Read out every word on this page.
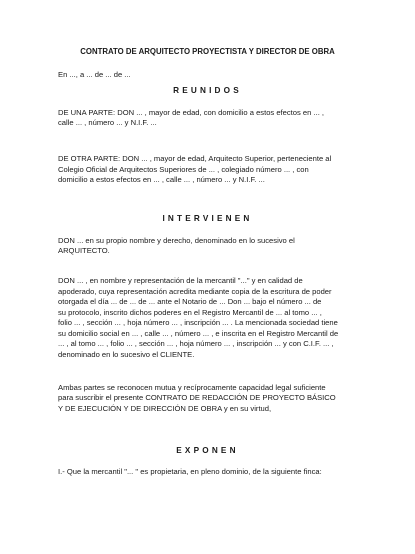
CONTRATO DE ARQUITECTO PROYECTISTA Y DIRECTOR DE OBRA
En ..., a ... de ... de ...
REUNIDOS
DE UNA PARTE: DON ... , mayor de edad, con domicilio a estos efectos en ... ,
calle ... , número ... y N.I.F. ...
DE OTRA PARTE: DON ... , mayor de edad, Arquitecto Superior, perteneciente al
Colegio Oficial de Arquitectos Superiores de ... , colegiado número ... , con
domicilio a estos efectos en ... , calle ... , número ... y N.I.F. ...
INTERVIENEN
DON ... en su propio nombre y derecho, denominado en lo sucesivo el
ARQUITECTO.
DON ... , en nombre y representación de la mercantil "..." y en calidad de
apoderado, cuya representación acredita mediante copia de la escritura de poder
otorgada el día ... de ... de ... ante el Notario de ... Don ... bajo el número ... de
su protocolo, inscrito dichos poderes en el Registro Mercantil de ... al tomo ... ,
folio ... , sección ... , hoja número ... , inscripción ... . La mencionada sociedad tiene
su domicilio social en ... , calle ... , número ... , e inscrita en el Registro Mercantil de
... , al tomo ... , folio ... , sección ... , hoja número ... , inscripción ... y con C.I.F. ... ,
denominado en lo sucesivo el CLIENTE.
Ambas partes se reconocen mutua y recíprocamente capacidad legal suficiente
para suscribir el presente CONTRATO DE REDACCIÓN DE PROYECTO BÁSICO
Y DE EJECUCIÓN Y DE DIRECCIÓN DE OBRA y en su virtud,
EXPONEN
I.- Que la mercantil "... " es propietaria, en pleno dominio, de la siguiente finca:
